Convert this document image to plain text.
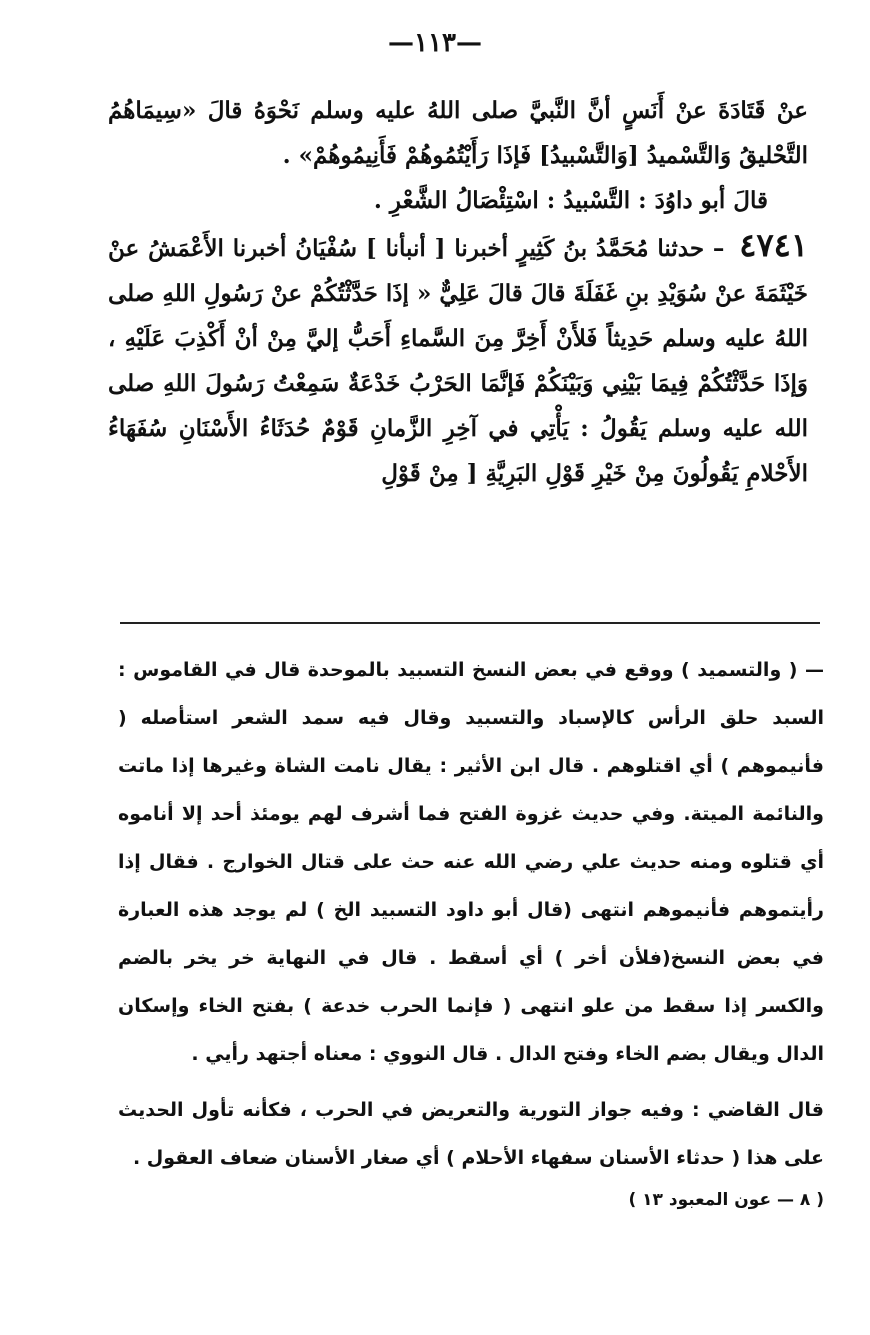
—١١٣—

عنْ قَتَادَةَ عنْ أَنَسٍ أنَّ النَّبيَّ صلى اللهُ عليه وسلم نَحْوَهُ قالَ «سِيمَاهُمُ التَّحْليقُ وَالتَّسْميدُ [وَالتَّسْبيدُ] فَإذَا رَأَيْتُمُوهُمْ فَأَنِيمُوهُمْ» .

قالَ أبو داوُدَ : التَّسْبيدُ : اسْتِئْصَالُ الشَّعْرِ .

٤٧٤١ – حدثنا مُحَمَّدُ بنُ كَثِيرٍ أخبرنا [ أنبأنا ] سُفْيَانُ أخبرنا الأَعْمَشُ عنْ خَيْثَمَةَ عنْ سُوَيْدِ بنِ غَفَلَةَ قالَ قالَ عَلِيٌّ « إذَا حَدَّثْتُكُمْ عنْ رَسُولِ اللهِ صلى اللهُ عليه وسلم حَدِيثاً فَلأَنْ أَخِرَّ مِنَ السَّماءِ أَحَبُّ إليَّ مِنْ أنْ أَكْذِبَ عَلَيْهِ ، وَإذَا حَدَّثْتُكُمْ فِيمَا بَيْنِي وَبَيْنَكُمْ فَإنَّمَا الحَرْبُ خَدْعَةٌ سَمِعْتُ رَسُولَ اللهِ صلى الله عليه وسلم يَقُولُ : يَأْتِي في آخِرِ الزَّمانِ قَوْمٌ حُدَثَاءُ الأَسْنَانِ سُفَهَاءُ الأَحْلامِ يَقُولُونَ مِنْ خَيْرِ قَوْلِ البَرِيَّةِ [ مِنْ قَوْلِ

— ( والتسميد ) ووقع في بعض النسخ التسبيد بالموحدة قال في القاموس : السبد حلق الرأس كالإسباد والتسبيد وقال فيه سمد الشعر استأصله ( فأنيموهم ) أي اقتلوهم . قال ابن الأثير : يقال نامت الشاة وغيرها إذا ماتت والنائمة الميتة. وفي حديث غزوة الفتح فما أشرف لهم يومئذ أحد إلا أناموه أي قتلوه ومنه حديث علي رضي الله عنه حث على قتال الخوارج . فقال إذا رأيتموهم فأنيموهم انتهى (قال أبو داود التسبيد الخ ) لم يوجد هذه العبارة في بعض النسخ(فلأن أخر ) أي أسقط . قال في النهاية خر يخر بالضم والكسر إذا سقط من علو انتهى ( فإنما الحرب خدعة ) بفتح الخاء وإسكان الدال ويقال بضم الخاء وفتح الدال . قال النووي : معناه أجتهد رأيي .

قال القاضي : وفيه جواز التورية والتعريض في الحرب ، فكأنه تأول الحديث على هذا ( حدثاء الأسنان سفهاء الأحلام ) أي صغار الأسنان ضعاف العقول .

( ٨ — عون المعبود ١٣ )
